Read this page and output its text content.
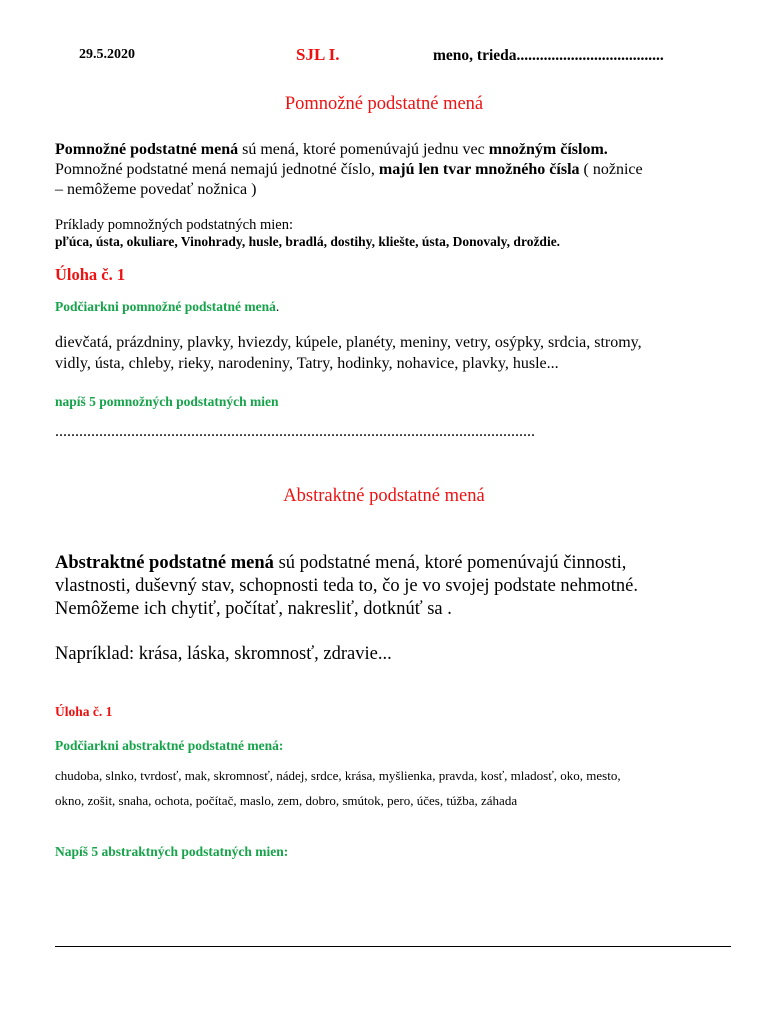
29.5.2020	SJL I.	meno, trieda......................................
Pomnožné podstatné mená
Pomnožné podstatné mená sú mená, ktoré pomenúvajú jednu vec množným číslom.
Pomnožné podstatné mená nemajú jednotné číslo, majú len tvar množného čísla ( nožnice
– nemôžeme povedať nožnica )
Príklady pomnožných podstatných mien:
pľúca, ústa, okuliare, Vinohrady, husle, bradlá, dostihy, kliešte, ústa, Donovaly, droždie.
Úloha č. 1
Podčiarkni pomnožné podstatné mená.
dievčatá, prázdniny, plavky, hviezdy, kúpele, planéty, meniny, vetry, osýpky, srdcia, stromy,
vidly, ústa, chleby, rieky, narodeniny, Tatry, hodinky, nohavice, plavky, husle...
napíš 5 pomnožných podstatných mien
........................................................................................................................
Abstraktné podstatné mená
Abstraktné podstatné mená sú podstatné mená, ktoré pomenúvajú činnosti,
vlastnosti, duševný stav, schopnosti teda to, čo je vo svojej podstate nehmotné.
Nemôžeme ich chytiť, počítať, nakresliť, dotknúť sa .
Napríklad: krása, láska, skromnosť, zdravie...
Úloha č. 1
Podčiarkni abstraktné podstatné mená:
chudoba, slnko, tvrdosť, mak, skromnosť, nádej, srdce, krása, myšlienka, pravda, kosť, mladosť, oko, mesto,
okno, zošit, snaha, ochota, počítač, maslo, zem, dobro, smútok, pero, účes, túžba, záhada
Napíš 5 abstraktných podstatných mien:
